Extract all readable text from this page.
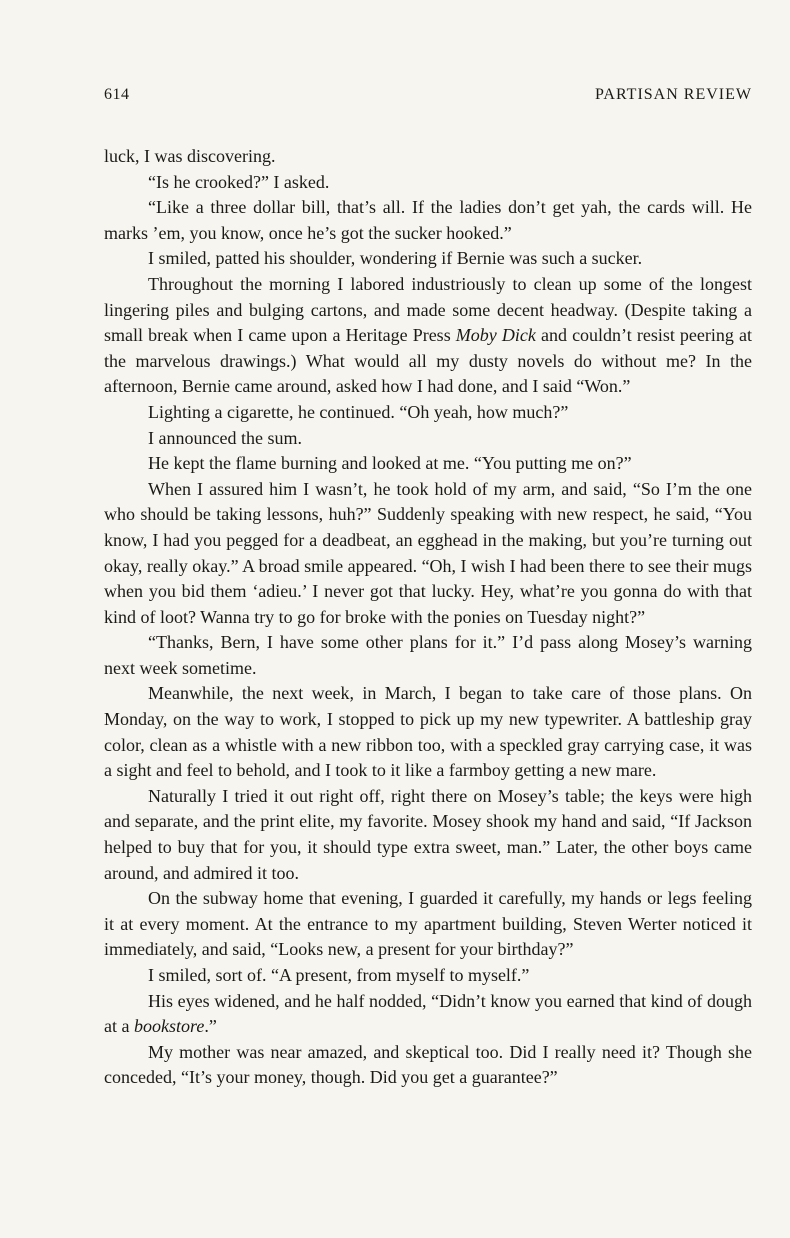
614	PARTISAN REVIEW

luck, I was discovering.

“Is he crooked?” I asked.

“Like a three dollar bill, that’s all. If the ladies don’t get yah, the cards will. He marks ’em, you know, once he’s got the sucker hooked.”

I smiled, patted his shoulder, wondering if Bernie was such a sucker.

Throughout the morning I labored industriously to clean up some of the longest lingering piles and bulging cartons, and made some decent headway. (Despite taking a small break when I came upon a Heritage Press Moby Dick and couldn’t resist peering at the marvelous drawings.) What would all my dusty novels do without me? In the afternoon, Bernie came around, asked how I had done, and I said “Won.”

Lighting a cigarette, he continued. “Oh yeah, how much?”

I announced the sum.

He kept the flame burning and looked at me. “You putting me on?”

When I assured him I wasn’t, he took hold of my arm, and said, “So I’m the one who should be taking lessons, huh?” Suddenly speaking with new respect, he said, “You know, I had you pegged for a deadbeat, an egghead in the making, but you’re turning out okay, really okay.” A broad smile appeared. “Oh, I wish I had been there to see their mugs when you bid them ‘adieu.’ I never got that lucky. Hey, what’re you gonna do with that kind of loot? Wanna try to go for broke with the ponies on Tuesday night?”

“Thanks, Bern, I have some other plans for it.” I’d pass along Mosey’s warning next week sometime.

Meanwhile, the next week, in March, I began to take care of those plans. On Monday, on the way to work, I stopped to pick up my new typewriter. A battleship gray color, clean as a whistle with a new ribbon too, with a speckled gray carrying case, it was a sight and feel to behold, and I took to it like a farmboy getting a new mare.

Naturally I tried it out right off, right there on Mosey’s table; the keys were high and separate, and the print elite, my favorite. Mosey shook my hand and said, “If Jackson helped to buy that for you, it should type extra sweet, man.” Later, the other boys came around, and admired it too.

On the subway home that evening, I guarded it carefully, my hands or legs feeling it at every moment. At the entrance to my apartment building, Steven Werter noticed it immediately, and said, “Looks new, a present for your birthday?”

I smiled, sort of. “A present, from myself to myself.”

His eyes widened, and he half nodded, “Didn’t know you earned that kind of dough at a bookstore.”

My mother was near amazed, and skeptical too. Did I really need it? Though she conceded, “It’s your money, though. Did you get a guarantee?”
